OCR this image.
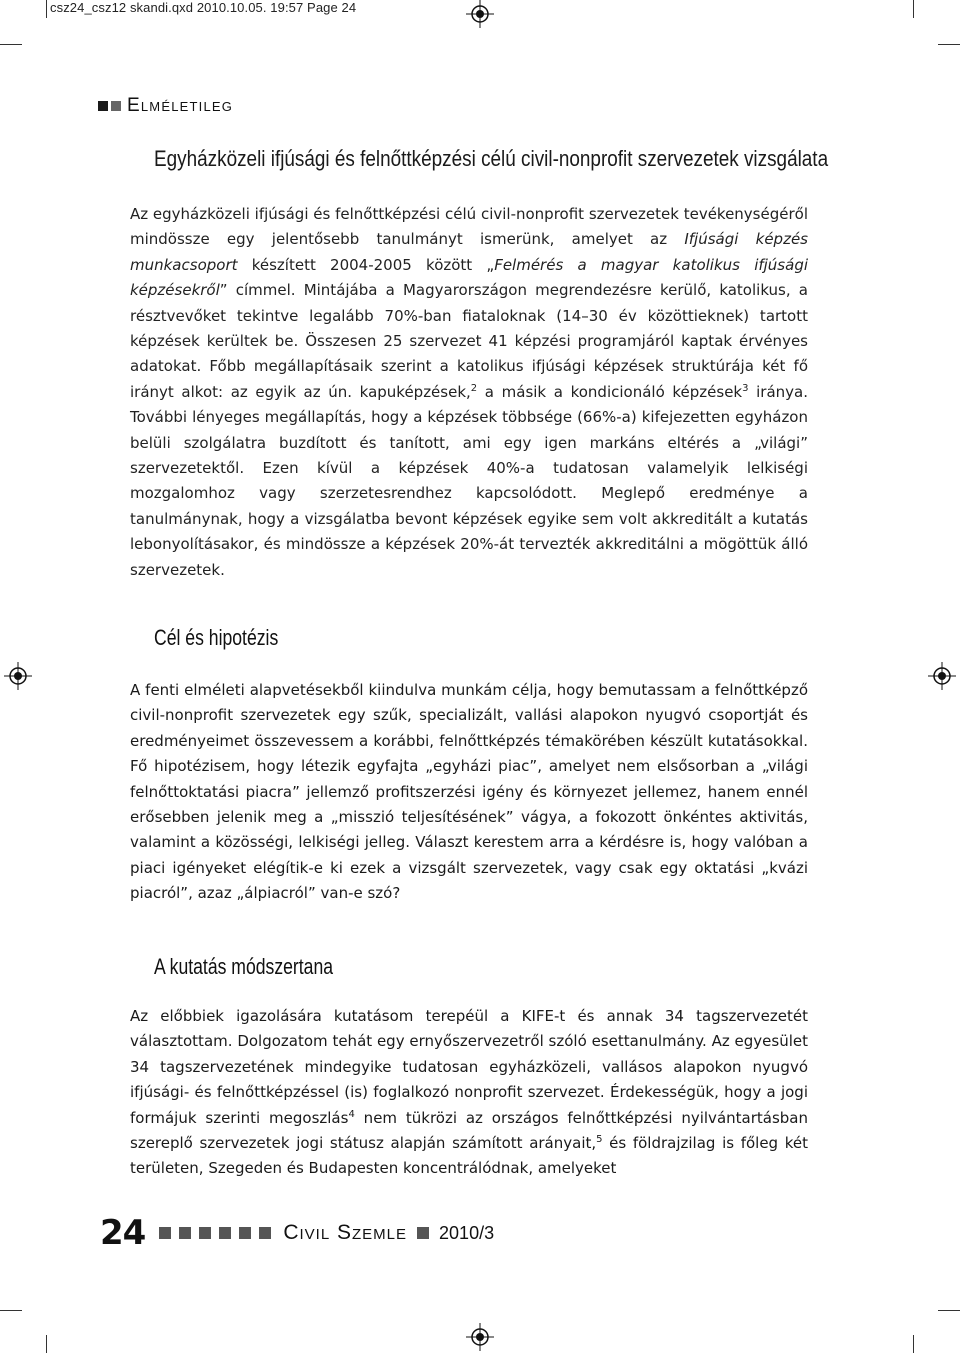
csz24_csz12 skandi.qxd 2010.10.05. 19:57 Page 24
Elméletileg
Egyházközeli ifjúsági és felnőttképzési célú civil-nonprofit szervezetek vizsgálata
Az egyházközeli ifjúsági és felnőttképzési célú civil-nonprofit szervezetek tevékenységéről mindössze egy jelentősebb tanulmányt ismerünk, amelyet az Ifjúsági képzés munkacsoport készített 2004-2005 között „Felmérés a magyar katolikus ifjúsági képzésekről” címmel. Mintájába a Magyarországon megrendezésre kerülő, katolikus, a résztvevőket tekintve legalább 70%-ban fiataloknak (14–30 év közöttieknek) tartott képzések kerültek be. Összesen 25 szervezet 41 képzési programjáról kaptak érvényes adatokat. Főbb megállapításaik szerint a katolikus ifjúsági képzések struktúrája két fő irányt alkot: az egyik az ún. kapuképzések,$^2$ a másik a kondicionáló képzések$^3$ iránya. További lényeges megállapítás, hogy a képzések többsége (66%-a) kifejezetten egyházon belüli szolgálatra buzdított és tanított, ami egy igen markáns eltérés a „világi” szervezetektől. Ezen kívül a képzések 40%-a tudatosan valamelyik lelkiségi mozgalomhoz vagy szerzetesrendhez kapcsolódott. Meglepő eredménye a tanulmánynak, hogy a vizsgálatba bevont képzések egyike sem volt akkreditált a kutatás lebonyolításakor, és mindössze a képzések 20%-át tervezték akkreditálni a mögöttük álló szervezetek.
Cél és hipotézis
A fenti elméleti alapvetésekből kiindulva munkám célja, hogy bemutassam a felnőttképző civil-nonprofit szervezetek egy szűk, specializált, vallási alapokon nyugvó csoportját és eredményeimet összevessem a korábbi, felnőttképzés témakörében készült kutatásokkal. Fő hipotézisem, hogy létezik egyfajta „egyházi piac”, amelyet nem elsősorban a „világi felnőttoktatási piacra” jellemző profitszerzési igény és környezet jellemez, hanem ennél erősebben jelenik meg a „misszió teljesítésének” vágya, a fokozott önkéntes aktivitás, valamint a közösségi, lelkiségi jelleg. Választ kerestem arra a kérdésre is, hogy valóban a piaci igényeket elégítik-e ki ezek a vizsgált szervezetek, vagy csak egy oktatási „kvázi piacról”, azaz „álpiacról” van-e szó?
A kutatás módszertana
Az előbbiek igazolására kutatásom terepéül a KIFE-t és annak 34 tagszervezetét választottam. Dolgozatom tehát egy ernyőszervezetről szóló esettanulmány. Az egyesület 34 tagszervezetének mindegyike tudatosan egyházközeli, vallásos alapokon nyugvó ifjúsági- és felnőttképzéssel (is) foglalkozó nonprofit szervezet. Érdekességük, hogy a jogi formájuk szerinti megoszlás$^4$ nem tükrözi az országos felnőttképzési nyilvántartásban szereplő szervezetek jogi státusz alapján számított arányait,$^5$ és földrajzilag is főleg két területen, Szegeden és Budapesten koncentrálódnak, amelyeket
24	Civil Szemle 2010/3
